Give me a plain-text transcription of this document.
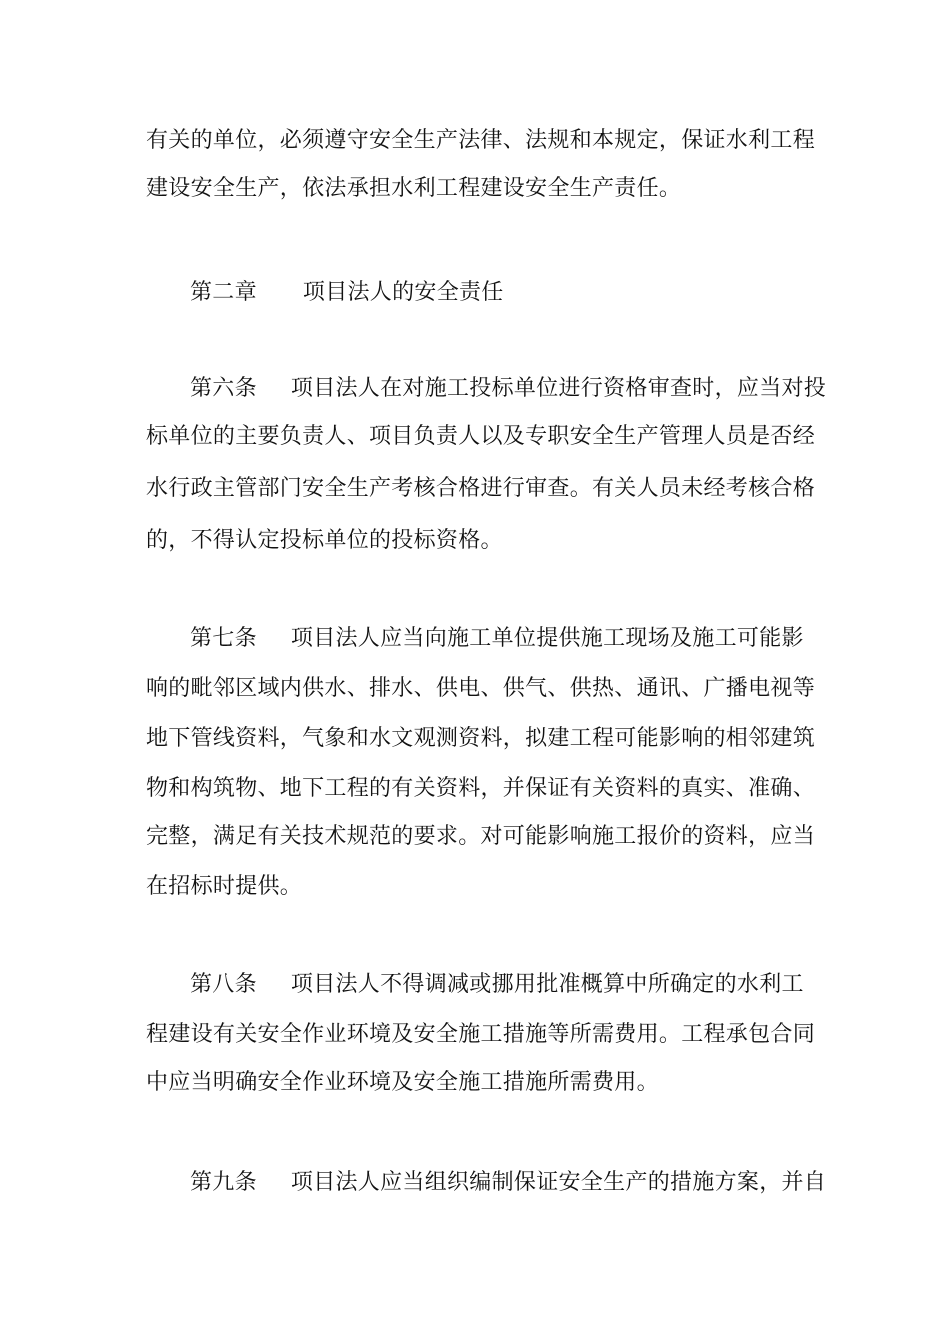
有关的单位，必须遵守安全生产法律、法规和本规定，保证水利工程
建设安全生产，依法承担水利工程建设安全生产责任。
第二章 项目法人的安全责任
第六条 项目法人在对施工投标单位进行资格审查时，应当对投
标单位的主要负责人、项目负责人以及专职安全生产管理人员是否经
水行政主管部门安全生产考核合格进行审查。有关人员未经考核合格
的，不得认定投标单位的投标资格。
第七条 项目法人应当向施工单位提供施工现场及施工可能影
响的毗邻区域内供水、排水、供电、供气、供热、通讯、广播电视等
地下管线资料，气象和水文观测资料，拟建工程可能影响的相邻建筑
物和构筑物、地下工程的有关资料，并保证有关资料的真实、准确、
完整，满足有关技术规范的要求。对可能影响施工报价的资料，应当
在招标时提供。
第八条 项目法人不得调减或挪用批准概算中所确定的水利工
程建设有关安全作业环境及安全施工措施等所需费用。工程承包合同
中应当明确安全作业环境及安全施工措施所需费用。
第九条 项目法人应当组织编制保证安全生产的措施方案，并自
